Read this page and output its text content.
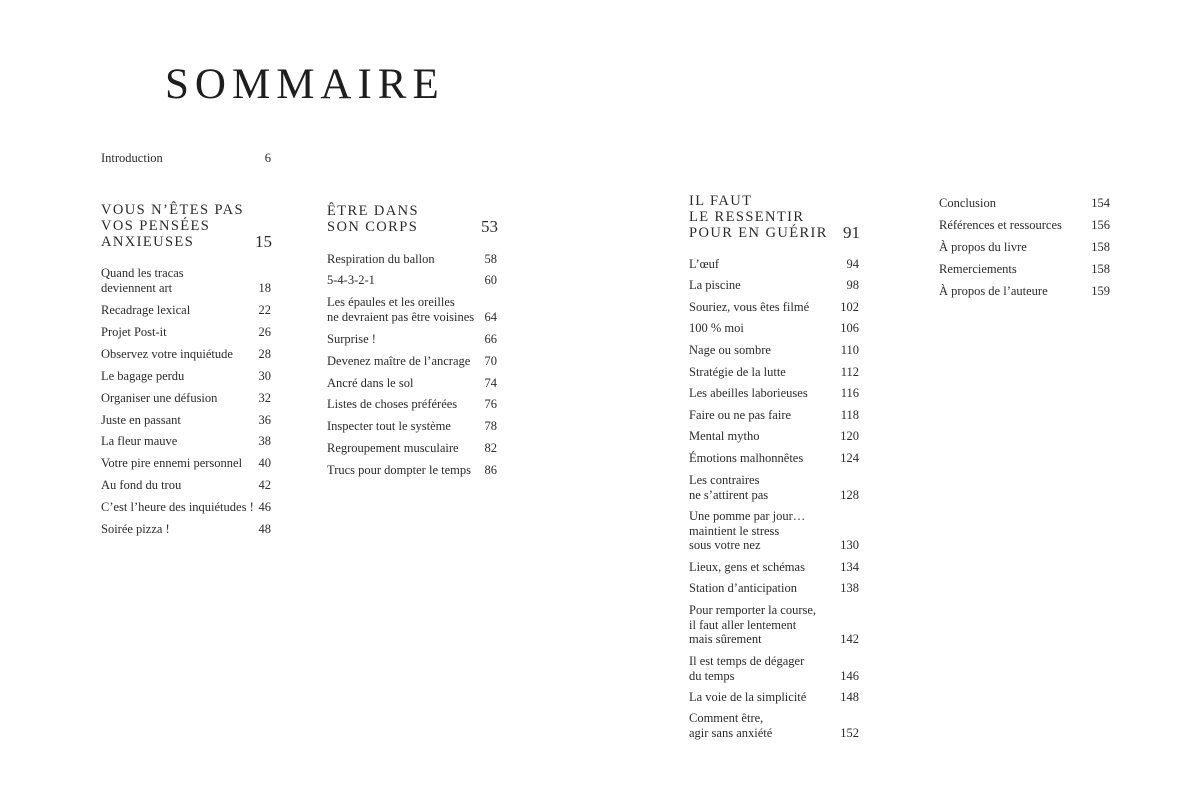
SOMMAIRE
Introduction	6
VOUS N’ÊTES PAS
VOS PENSÉES
ANXIEUSES	15
Quand les tracas
deviennent art	18
Recadrage lexical	22
Projet Post-it	26
Observez votre inquiétude 28
Le bagage perdu	30
Organiser une défusion	32
Juste en passant	36
La fleur mauve	38
Votre pire ennemi personnel 40
Au fond du trou	42
C’est l’heure des inquiétudes ! 46
Soirée pizza !	48
ÊTRE DANS
SON CORPS	53
Respiration du ballon	58
5-4-3-2-1	60
Les épaules et les oreilles
ne devraient pas être voisines 64
Surprise !	66
Devenez maître de l’ancrage 70
Ancré dans le sol	74
Listes de choses préférées 76
Inspecter tout le système	78
Regroupement musculaire 82
Trucs pour dompter le temps 86
IL FAUT
LE RESSENTIR
POUR EN GUÉRIR 91
L’œuf	94
La piscine	98
Souriez, vous êtes filmé 102
100 % moi	106
Nage ou sombre	110
Stratégie de la lutte	112
Les abeilles laborieuses	116
Faire ou ne pas faire	118
Mental mytho	120
Émotions malhonnêtes	124
Les contraires
ne s’attirent pas	128
Une pomme par jour…
maintient le stress
sous votre nez	130
Lieux, gens et schémas	134
Station d’anticipation	138
Pour remporter la course,
il faut aller lentement
mais sûrement	142
Il est temps de dégager
du temps	146
La voie de la simplicité	148
Comment être,
agir sans anxiété	152
Conclusion	154
Références et ressources 156
À propos du livre	158
Remerciements	158
À propos de l’auteure	159
